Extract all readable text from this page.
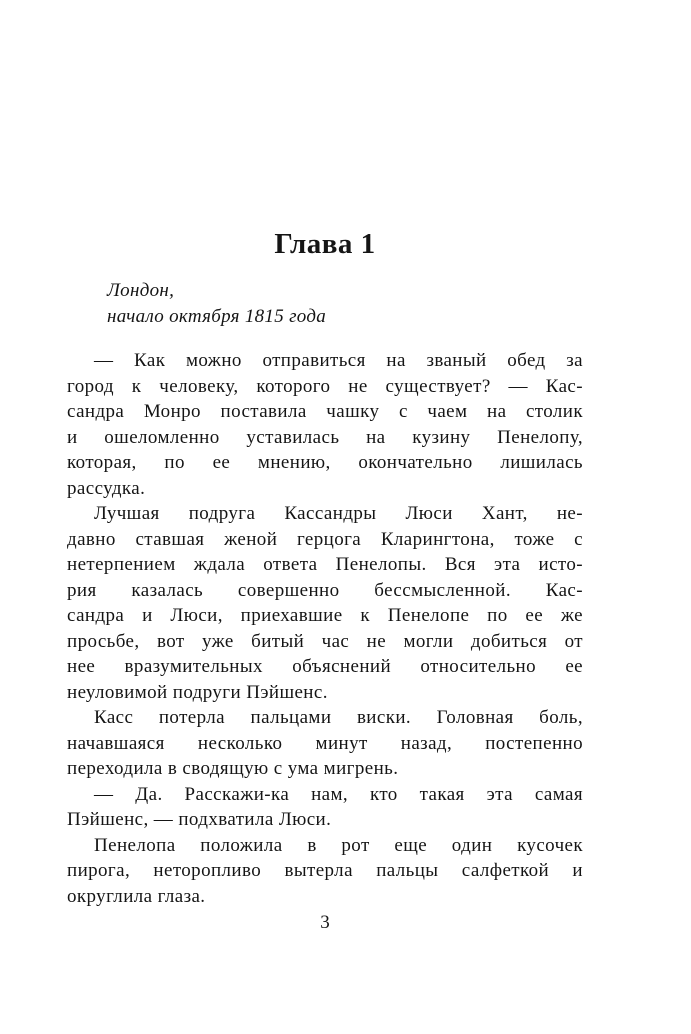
Глава 1
Лондон,
начало октября 1815 года
— Как можно отправиться на званый обед за
город к человеку, которого не существует? — Кас-
сандра Монро поставила чашку с чаем на столик
и ошеломленно уставилась на кузину Пенелопу,
которая, по ее мнению, окончательно лишилась
рассудка.
Лучшая подруга Кассандры Люси Хант, не-
давно ставшая женой герцога Кларингтона, тоже с
нетерпением ждала ответа Пенелопы. Вся эта исто-
рия казалась совершенно бессмысленной. Кас-
сандра и Люси, приехавшие к Пенелопе по ее же
просьбе, вот уже битый час не могли добиться от
нее вразумительных объяснений относительно ее
неуловимой подруги Пэйшенс.
Касс потерла пальцами виски. Головная боль,
начавшаяся несколько минут назад, постепенно
переходила в сводящую с ума мигрень.
— Да. Расскажи-ка нам, кто такая эта самая
Пэйшенс, — подхватила Люси.
Пенелопа положила в рот еще один кусочек
пирога, неторопливо вытерла пальцы салфеткой и
округлила глаза.
3
